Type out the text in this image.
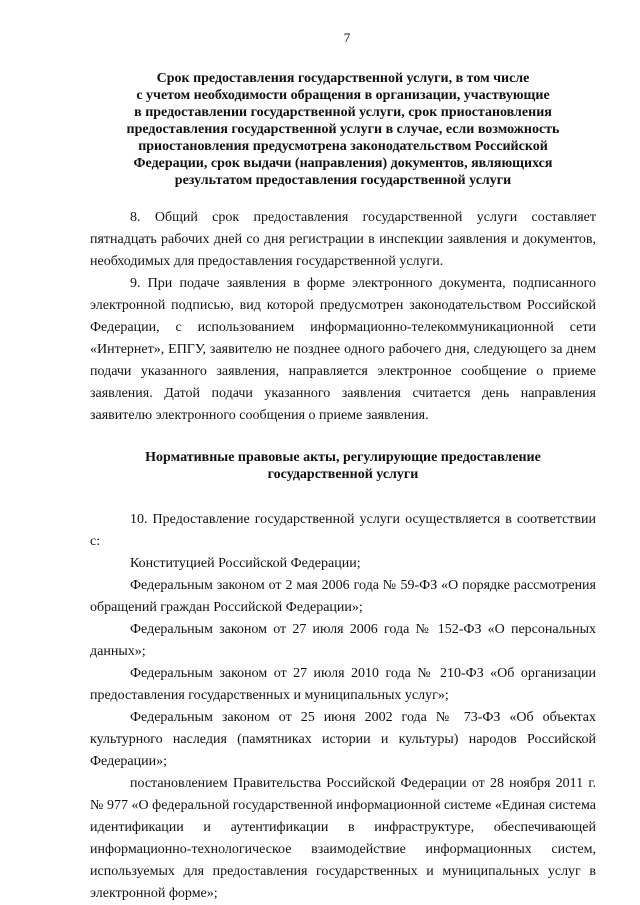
7
Срок предоставления государственной услуги, в том числе
с учетом необходимости обращения в организации, участвующие
в предоставлении государственной услуги, срок приостановления
предоставления государственной услуги в случае, если возможность
приостановления предусмотрена законодательством Российской
Федерации, срок выдачи (направления) документов, являющихся
результатом предоставления государственной услуги

8. Общий срок предоставления государственной услуги составляет пятнадцать рабочих дней со дня регистрации в инспекции заявления и документов, необходимых для предоставления государственной услуги.

9. При подаче заявления в форме электронного документа, подписанного электронной подписью, вид которой предусмотрен законодательством Российской Федерации, с использованием информационно-телекоммуникационной сети «Интернет», ЕПГУ, заявителю не позднее одного рабочего дня, следующего за днем подачи указанного заявления, направляется электронное сообщение о приеме заявления. Датой подачи указанного заявления считается день направления заявителю электронного сообщения о приеме заявления.

Нормативные правовые акты, регулирующие предоставление
государственной услуги

10. Предоставление государственной услуги осуществляется в соответствии с:

Конституцией Российской Федерации;

Федеральным законом от 2 мая 2006 года № 59-ФЗ «О порядке рассмотрения обращений граждан Российской Федерации»;

Федеральным законом от 27 июля 2006 года № 152-ФЗ «О персональных данных»;

Федеральным законом от 27 июля 2010 года № 210-ФЗ «Об организации предоставления государственных и муниципальных услуг»;

Федеральным законом от 25 июня 2002 года № 73-ФЗ «Об объектах культурного наследия (памятниках истории и культуры) народов Российской Федерации»;

постановлением Правительства Российской Федерации от 28 ноября 2011 г. № 977 «О федеральной государственной информационной системе «Единая система идентификации и аутентификации в инфраструктуре, обеспечивающей информационно-технологическое взаимодействие информационных систем, используемых для предоставления государственных и муниципальных услуг в электронной форме»;
